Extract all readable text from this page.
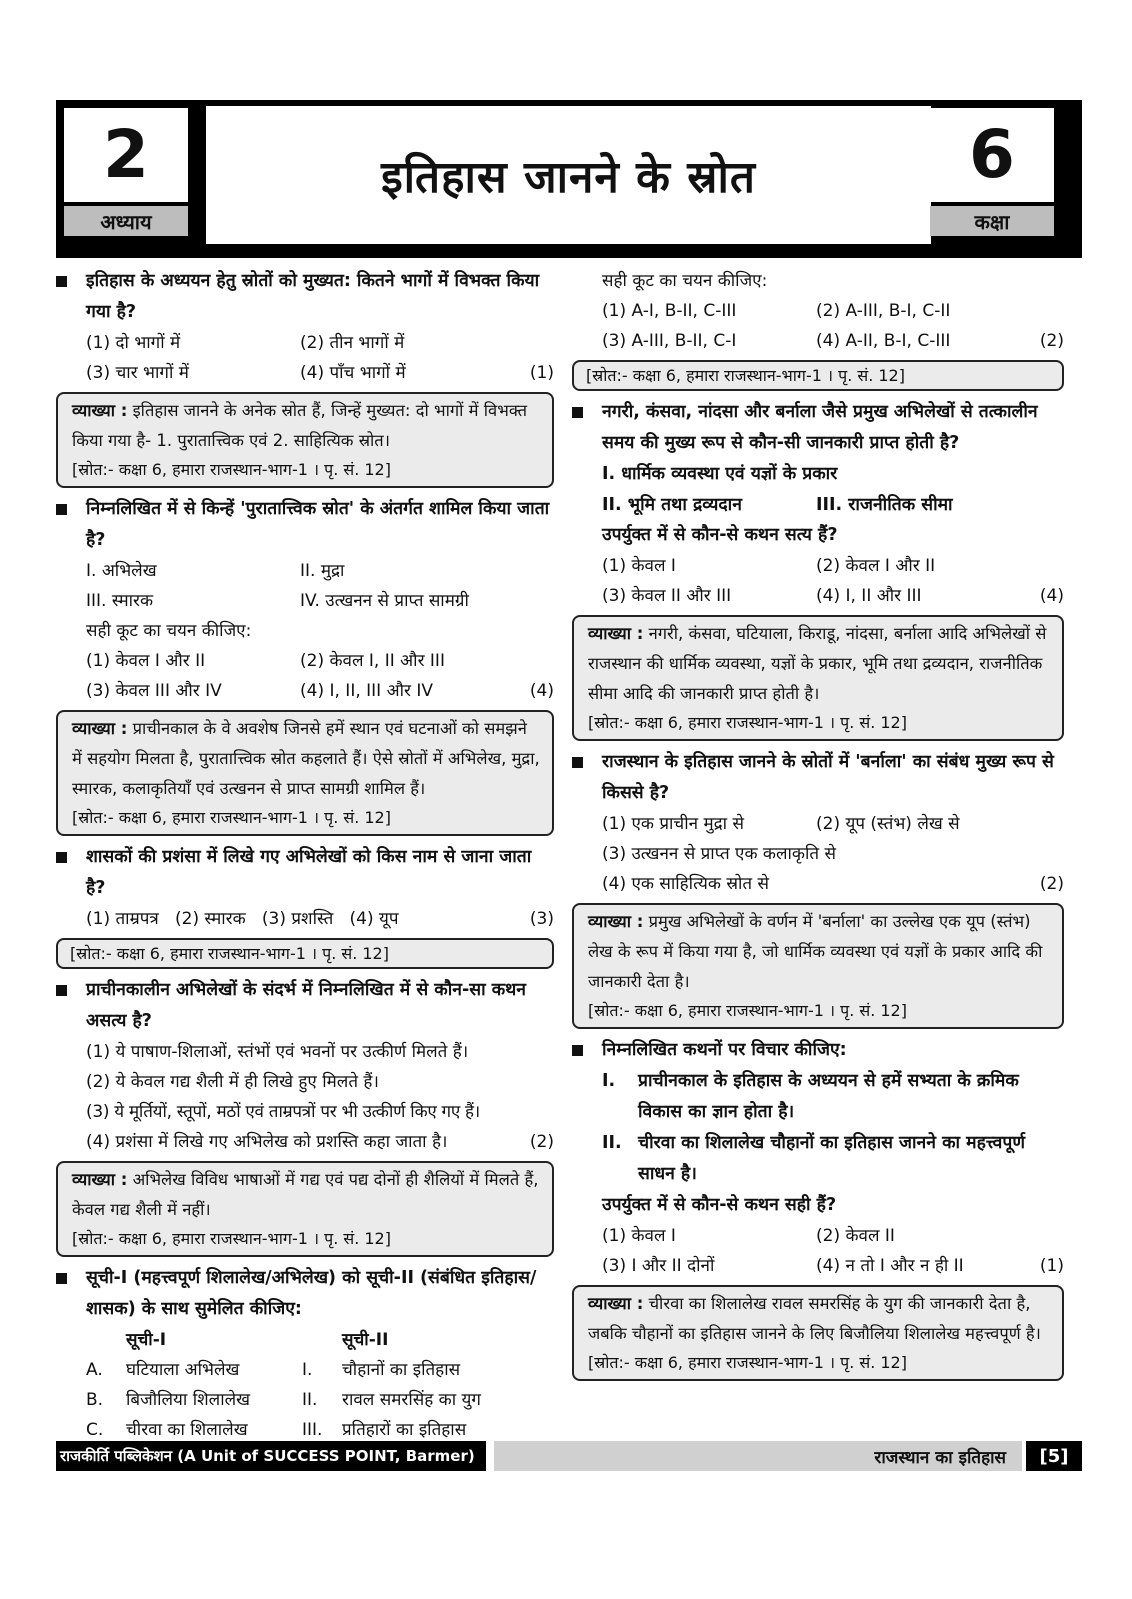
2
अध्याय
इतिहास जानने के स्रोत	6
कक्षा
इतिहास के अध्ययन हेतु स्रोतों को मुख्यत: कितने भागों में विभक्त किया गया है?
(1) दो भागों में	(2) तीन भागों में
(3) चार भागों में	(4) पाँच भागों में	(1)
व्याख्या : इतिहास जानने के अनेक स्रोत हैं, जिन्हें मुख्यत: दो भागों में विभक्त किया गया है- 1. पुरातात्त्विक एवं 2. साहित्यिक स्रोत।
[स्रोत:- कक्षा 6, हमारा राजस्थान-भाग-1 । पृ. सं. 12]
निम्नलिखित में से किन्हें 'पुरातात्त्विक स्रोत' के अंतर्गत शामिल किया जाता है?
I. अभिलेख	II. मुद्रा
III. स्मारक	IV. उत्खनन से प्राप्त सामग्री
सही कूट का चयन कीजिए:
(1) केवल I और II	(2) केवल I, II और III
(3) केवल III और IV	(4) I, II, III और IV	(4)
व्याख्या : प्राचीनकाल के वे अवशेष जिनसे हमें स्थान एवं घटनाओं को समझने में सहयोग मिलता है, पुरातात्त्विक स्रोत कहलाते हैं। ऐसे स्रोतों में अभिलेख, मुद्रा, स्मारक, कलाकृतियाँ एवं उत्खनन से प्राप्त सामग्री शामिल हैं।
[स्रोत:- कक्षा 6, हमारा राजस्थान-भाग-1 । पृ. सं. 12]
शासकों की प्रशंसा में लिखे गए अभिलेखों को किस नाम से जाना जाता है?
(1) ताम्रपत्र   (2) स्मारक   (3) प्रशस्ति   (4) यूप	(3)
[स्रोत:- कक्षा 6, हमारा राजस्थान-भाग-1 । पृ. सं. 12]
प्राचीनकालीन अभिलेखों के संदर्भ में निम्नलिखित में से कौन-सा कथन असत्य है?
(1) ये पाषाण-शिलाओं, स्तंभों एवं भवनों पर उत्कीर्ण मिलते हैं।
(2) ये केवल गद्य शैली में ही लिखे हुए मिलते हैं।
(3) ये मूर्तियों, स्तूपों, मठों एवं ताम्रपत्रों पर भी उत्कीर्ण किए गए हैं।
(4) प्रशंसा में लिखे गए अभिलेख को प्रशस्ति कहा जाता है।	(2)
व्याख्या : अभिलेख विविध भाषाओं में गद्य एवं पद्य दोनों ही शैलियों में मिलते हैं, केवल गद्य शैली में नहीं।
[स्रोत:- कक्षा 6, हमारा राजस्थान-भाग-1 । पृ. सं. 12]
सूची-I (महत्त्वपूर्ण शिलालेख/अभिलेख) को सूची-II (संबंधित इतिहास/शासक) के साथ सुमेलित कीजिए:
सूची-I	सूची-II
A.	घटियाला अभिलेख	I.	चौहानों का इतिहास
B.	बिजौलिया शिलालेख	II.	रावल समरसिंह का युग
C.	चीरवा का शिलालेख	III.	प्रतिहारों का इतिहास
सही कूट का चयन कीजिए:
(1) A-I, B-II, C-III	(2) A-III, B-I, C-II
(3) A-III, B-II, C-I	(4) A-II, B-I, C-III	(2)
[स्रोत:- कक्षा 6, हमारा राजस्थान-भाग-1 । पृ. सं. 12]
नगरी, कंसवा, नांदसा और बर्नाला जैसे प्रमुख अभिलेखों से तत्कालीन समय की मुख्य रूप से कौन-सी जानकारी प्राप्त होती है?
I. धार्मिक व्यवस्था एवं यज्ञों के प्रकार
II. भूमि तथा द्रव्यदान	III. राजनीतिक सीमा
उपर्युक्त में से कौन-से कथन सत्य हैं?
(1) केवल I	(2) केवल I और II
(3) केवल II और III	(4) I, II और III	(4)
व्याख्या : नगरी, कंसवा, घटियाला, किराडू, नांदसा, बर्नाला आदि अभिलेखों से राजस्थान की धार्मिक व्यवस्था, यज्ञों के प्रकार, भूमि तथा द्रव्यदान, राजनीतिक सीमा आदि की जानकारी प्राप्त होती है।
[स्रोत:- कक्षा 6, हमारा राजस्थान-भाग-1 । पृ. सं. 12]
राजस्थान के इतिहास जानने के स्रोतों में 'बर्नाला' का संबंध मुख्य रूप से किससे है?
(1) एक प्राचीन मुद्रा से	(2) यूप (स्तंभ) लेख से
(3) उत्खनन से प्राप्त एक कलाकृति से
(4) एक साहित्यिक स्रोत से	(2)
व्याख्या : प्रमुख अभिलेखों के वर्णन में 'बर्नाला' का उल्लेख एक यूप (स्तंभ) लेख के रूप में किया गया है, जो धार्मिक व्यवस्था एवं यज्ञों के प्रकार आदि की जानकारी देता है।
[स्रोत:- कक्षा 6, हमारा राजस्थान-भाग-1 । पृ. सं. 12]
निम्नलिखित कथनों पर विचार कीजिए:
I.	प्राचीनकाल के इतिहास के अध्ययन से हमें सभ्यता के क्रमिक विकास का ज्ञान होता है।
II. चीरवा का शिलालेख चौहानों का इतिहास जानने का महत्त्वपूर्ण साधन है।
उपर्युक्त में से कौन-से कथन सही हैं?
(1) केवल I	(2) केवल II
(3) I और II दोनों	(4) न तो I और न ही II	(1)
व्याख्या : चीरवा का शिलालेख रावल समरसिंह के युग की जानकारी देता है, जबकि चौहानों का इतिहास जानने के लिए बिजौलिया शिलालेख महत्त्वपूर्ण है।
[स्रोत:- कक्षा 6, हमारा राजस्थान-भाग-1 । पृ. सं. 12]
राजकीर्ति पब्लिकेशन (A Unit of SUCCESS POINT, Barmer)	राजस्थान का इतिहास	[5]
